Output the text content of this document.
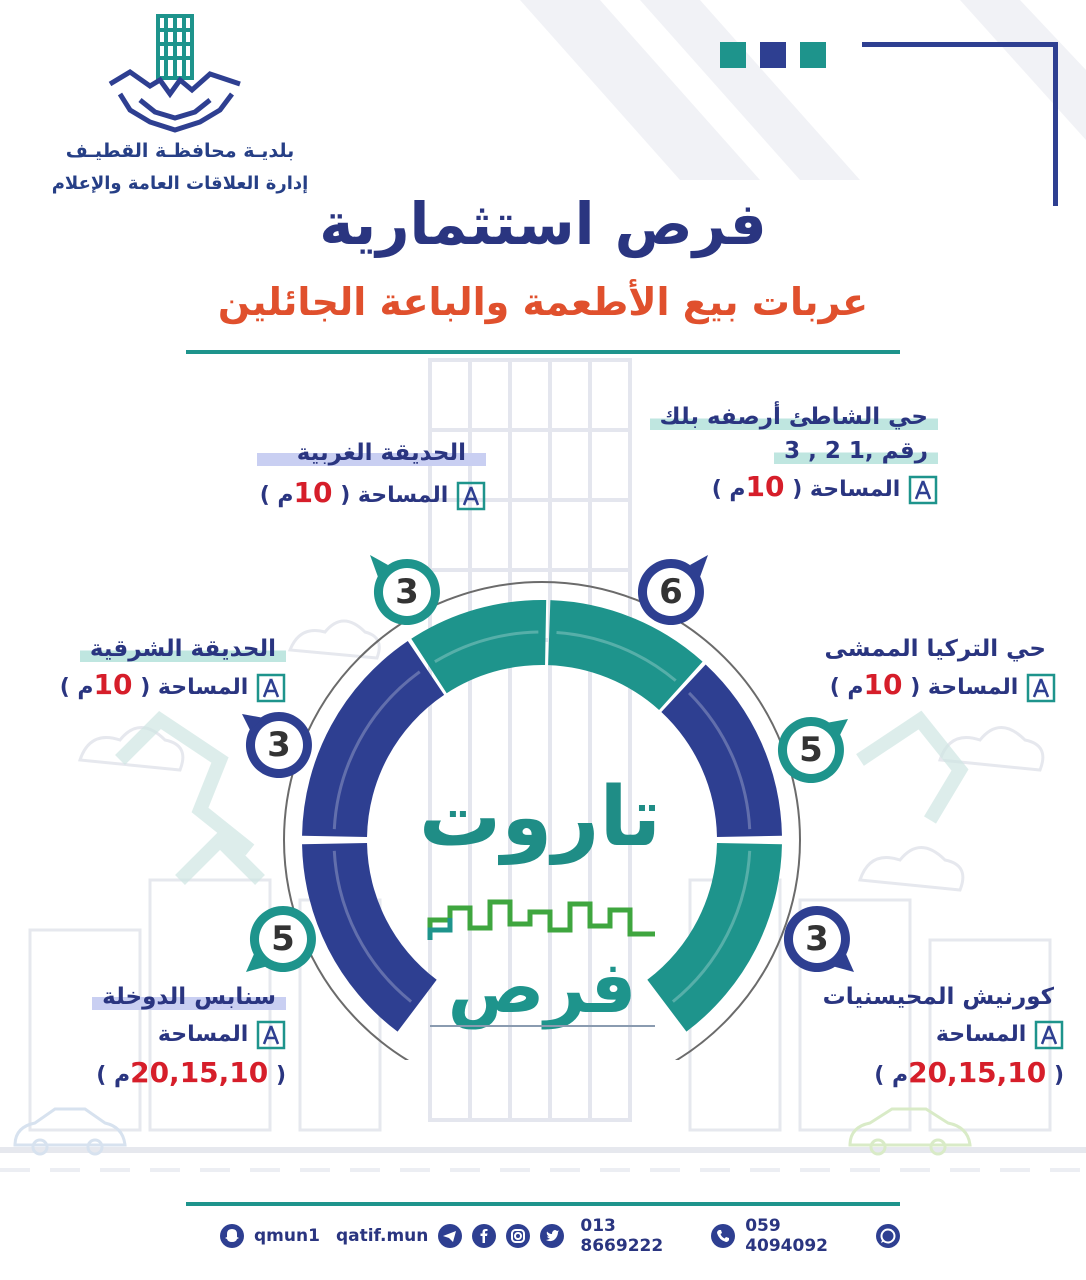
بلديـة محافظـة القطيـف
إدارة العلاقات العامة والإعلام
فرص استثمارية
عربات بيع الأطعمة والباعة الجائلين
تاروت
فرص
6
3
3	5
5	3
حي الشاطئ أرصفه بلك
رقم ,1 2 , 3
المساحة ( 10م )
الحديقة الغربية
المساحة ( 10م )
الحديقة الشرقية
المساحة ( 10م )
حي التركيا الممشى
المساحة ( 10م )
سنابس الدوخلة
المساحة
( 20,15,10م )
كورنيش المحيسنيات
المساحة
( 20,15,10م )
qmun1 qatif.mun	013 8669222
059 4094092
